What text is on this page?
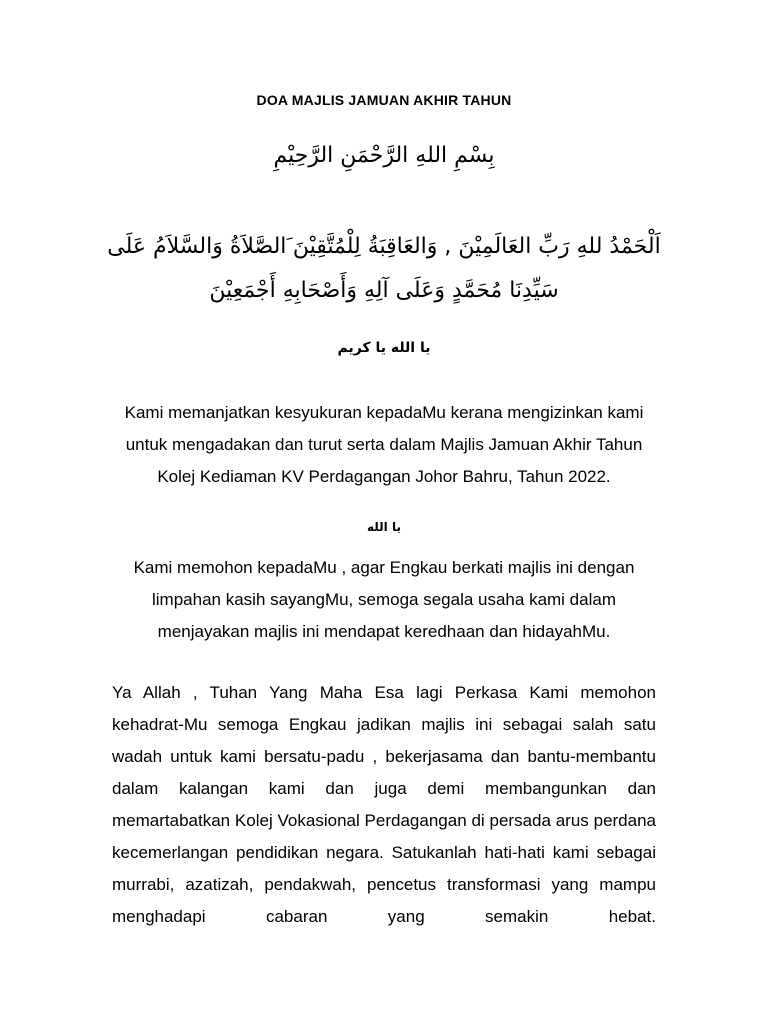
DOA MAJLIS JAMUAN AKHIR TAHUN
بِسْمِ اللهِ الرَّحْمَنِ الرَّحِيْمِ
اَلْحَمْدُ للهِ رَبِّ العَالَمِيْنَ , وَالعَاقِبَةُ لِلْمُتَّقِيْنَ َالصَّلاَةُ وَالسَّلاَمُ عَلَى سَيِّدِنَا مُحَمَّدٍ وَعَلَى آلِهِ وَأَصْحَابِهِ أَجْمَعِيْنَ
يا الله يا كريم
Kami memanjatkan kesyukuran kepadaMu kerana mengizinkan kami untuk mengadakan dan turut serta dalam Majlis Jamuan Akhir Tahun Kolej Kediaman KV Perdagangan Johor Bahru, Tahun 2022.
يا الله
Kami memohon kepadaMu , agar Engkau berkati majlis ini dengan limpahan kasih sayangMu, semoga segala usaha kami dalam menjayakan majlis ini mendapat keredhaan dan hidayahMu.
Ya Allah , Tuhan Yang Maha Esa lagi Perkasa Kami memohon kehadrat-Mu semoga Engkau jadikan majlis ini sebagai salah satu wadah untuk kami bersatu-padu , bekerjasama dan bantu-membantu dalam kalangan kami dan juga demi membangunkan dan memartabatkan Kolej Vokasional Perdagangan di persada arus perdana kecemerlangan pendidikan negara. Satukanlah hati-hati kami sebagai murrabi, azatizah, pendakwah, pencetus transformasi yang mampu menghadapi cabaran yang semakin hebat.
